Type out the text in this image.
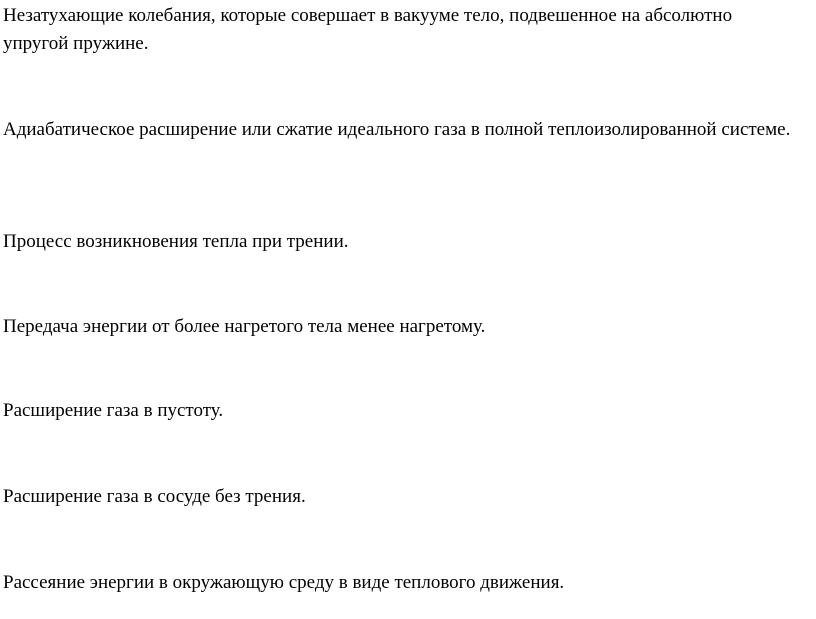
Незатухающие колебания, которые совершает в вакууме тело, подвешенное на абсолютно упругой пружине.

Адиабатическое расширение или сжатие идеального газа в полной теплоизолированной системе.

Процесс возникновения тепла при трении.

Передача энергии от более нагретого тела менее нагретому.

Расширение газа в пустоту.

Расширение газа в сосуде без трения.

Рассеяние энергии в окружающую среду в виде теплового движения.
